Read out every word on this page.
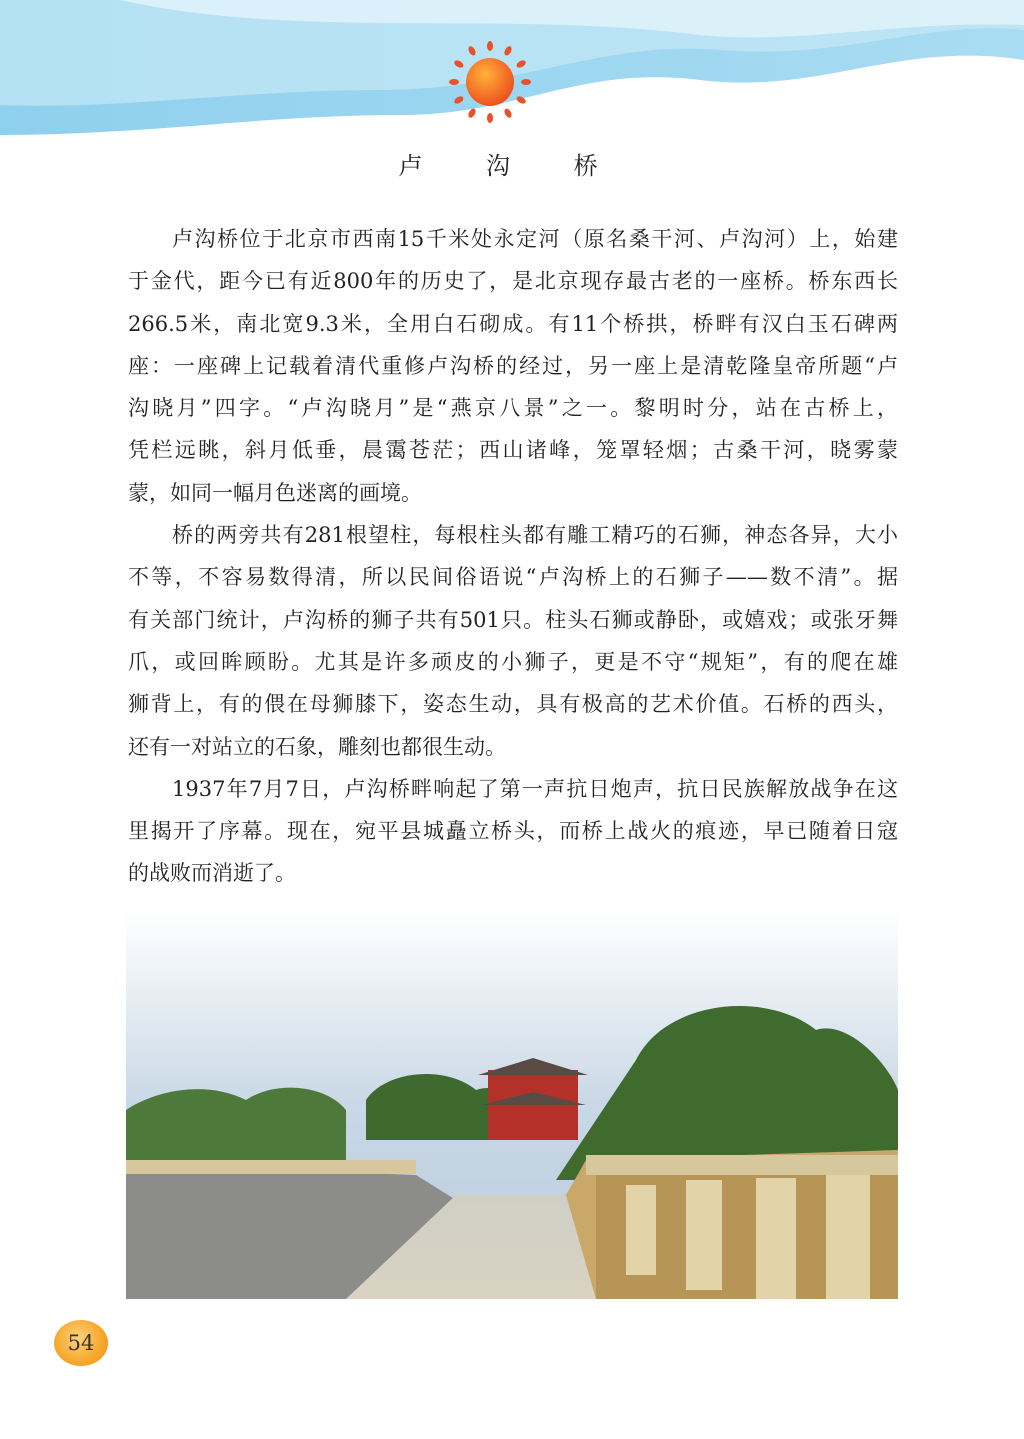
卢 沟 桥
卢沟桥位于北京市西南15千米处永定河（原名桑干河、卢沟河）上，始建
于金代，距今已有近800年的历史了，是北京现存最古老的一座桥。桥东西长
266.5米，南北宽9.3米，全用白石砌成。有11个桥拱，桥畔有汉白玉石碑两
座：一座碑上记载着清代重修卢沟桥的经过，另一座上是清乾隆皇帝所题“卢
沟晓月”四字。“卢沟晓月”是“燕京八景”之一。黎明时分，站在古桥上，
凭栏远眺，斜月低垂，晨霭苍茫；西山诸峰，笼罩轻烟；古桑干河，晓雾蒙
蒙，如同一幅月色迷离的画境。
桥的两旁共有281根望柱，每根柱头都有雕工精巧的石狮，神态各异，大小
不等，不容易数得清，所以民间俗语说“卢沟桥上的石狮子——数不清”。据
有关部门统计，卢沟桥的狮子共有501只。柱头石狮或静卧，或嬉戏；或张牙舞
爪，或回眸顾盼。尤其是许多顽皮的小狮子，更是不守“规矩”，有的爬在雄
狮背上，有的偎在母狮膝下，姿态生动，具有极高的艺术价值。石桥的西头，
还有一对站立的石象，雕刻也都很生动。
1937年7月7日，卢沟桥畔响起了第一声抗日炮声，抗日民族解放战争在这
里揭开了序幕。现在，宛平县城矗立桥头，而桥上战火的痕迹，早已随着日寇
的战败而消逝了。
54
